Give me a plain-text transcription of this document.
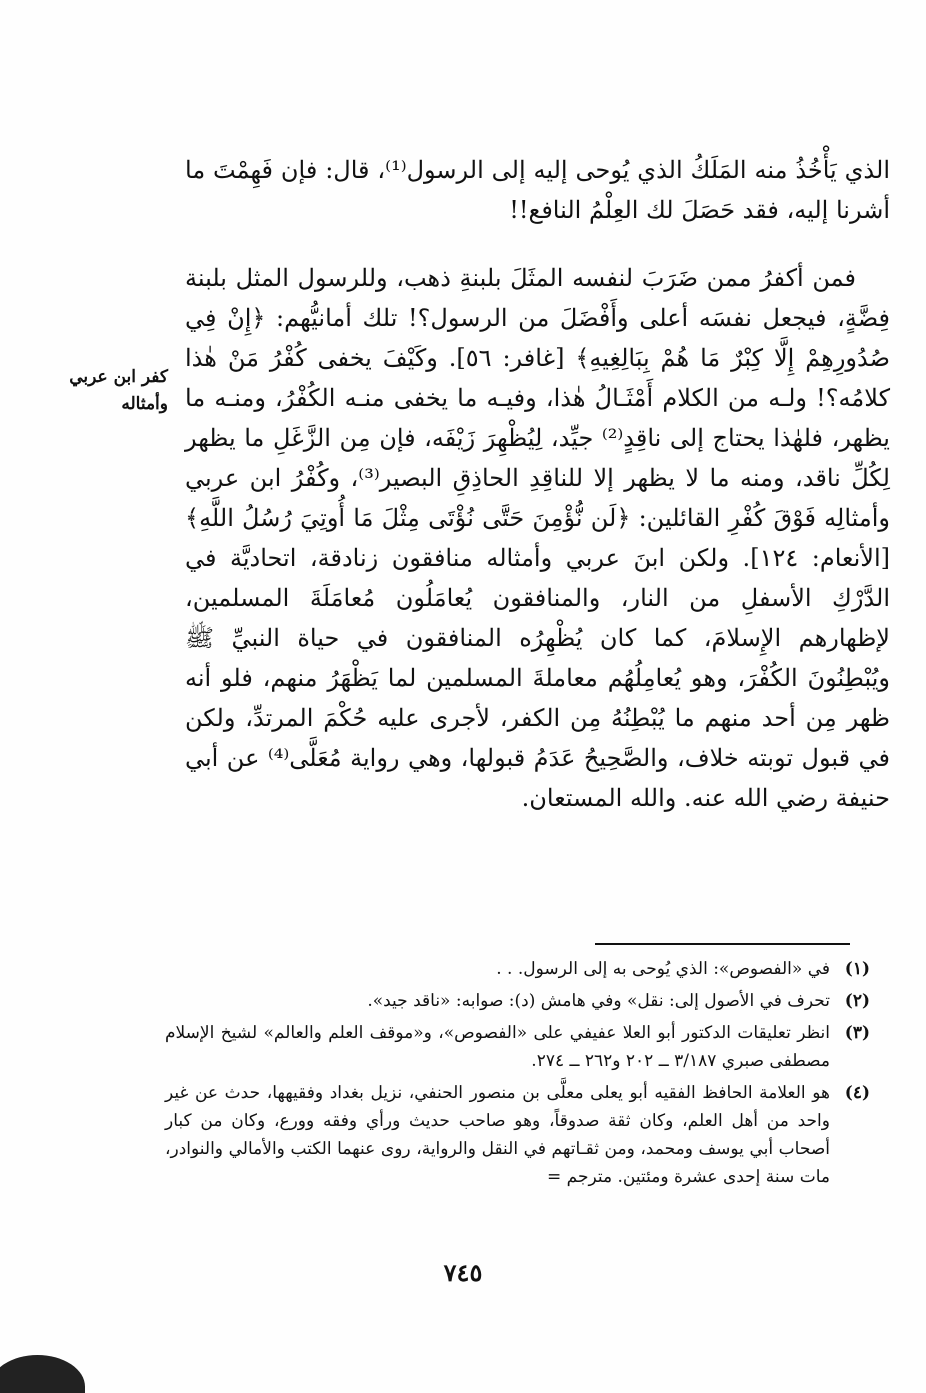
الذي يَأْخُذُ منه المَلَكُ الذي يُوحى إليه إلى الرسول⁽¹⁾، قال: فإن فَهِمْتَ ما أشرنا إليه، فقد حَصَلَ لك العِلْمُ النافع!!

فمن أكفرُ ممن ضَرَبَ لنفسه المثَلَ بلبنةِ ذهب، وللرسول المثل بلبنة فِضَّةٍ، فيجعل نفسَه أعلى وأَفْضَلَ من الرسول؟! تلك أمانيُّهم: ﴿إِنْ فِي صُدُورِهِمْ إِلَّا كِبْرٌ مَا هُمْ بِبَالِغِيهِ﴾ [غافر: ٥٦]. وكَيْفَ يخفى كُفْرُ مَنْ هٰذا كلامُه؟! ولـه من الكلام أَمْثَـالُ هٰذا، وفيـه ما يخفى منـه الكُفْرُ، ومنـه ما يظهر، فلهٰذا يحتاج إلى ناقِدٍ⁽²⁾ جيِّد، لِيُظْهِرَ زَيْفَه، فإن مِن الزَّغَلِ ما يظهر لِكُلِّ ناقد، ومنه ما لا يظهر إلا للناقِدِ الحاذِقِ البصير⁽³⁾، وكُفْرُ ابن عربي وأمثالِه فَوْقَ كُفْرِ القائلين: ﴿لَن نُّؤْمِنَ حَتَّى نُؤْتَى مِثْلَ مَا أُوتِيَ رُسُلُ اللَّهِ﴾ [الأنعام: ١٢٤]. ولكن ابنَ عربي وأمثاله منافقون زنادقة، اتحاديَّة في الدَّرْكِ الأسفلِ من النار، والمنافقون يُعامَلُون مُعامَلَةَ المسلمين، لإظهارهم الإِسلامَ، كما كان يُظْهِرُه المنافقون في حياة النبيِّ ﷺ ويُبْطِنُونَ الكُفْرَ، وهو يُعامِلُهُم معاملةَ المسلمين لما يَظْهَرُ منهم، فلو أنه ظهر مِن أحد منهم ما يُبْطِنُهُ مِن الكفر، لأجرى عليه حُكْمَ المرتدِّ، ولكن في قبول توبته خلاف، والصَّحِيحُ عَدَمُ قبولها، وهي رواية مُعَلَّى⁽⁴⁾ عن أبي حنيفة رضي الله عنه. والله المستعان.

كفر ابن عربي وأمثاله

(١)
في «الفصوص»: الذي يُوحى به إلى الرسول. . .

(٢)
تحرف في الأصول إلى: نقل» وفي هامش (د): صوابه: «ناقد جيد».

(٣)
انظر تعليقات الدكتور أبو العلا عفيفي على «الفصوص»، و«موقف العلم والعالم» لشيخ الإسلام مصطفى صبري ٣/١٨٧ ــ ٢٠٢ و٢٦٢ ــ ٢٧٤.

(٤)
هو العلامة الحافظ الفقيه أبو يعلى معلَّى بن منصور الحنفي، نزيل بغداد وفقيهها، حدث عن غير واحد من أهل العلم، وكان ثقة صدوقاً، وهو صاحب حديث ورأي وفقه وورع، وكان من كبار أصحاب أبي يوسف ومحمد، ومن ثقـاتهم في النقل والرواية، روى عنهما الكتب والأمالي والنوادر، مات سنة إحدى عشرة ومئتين. مترجم =

٧٤٥
